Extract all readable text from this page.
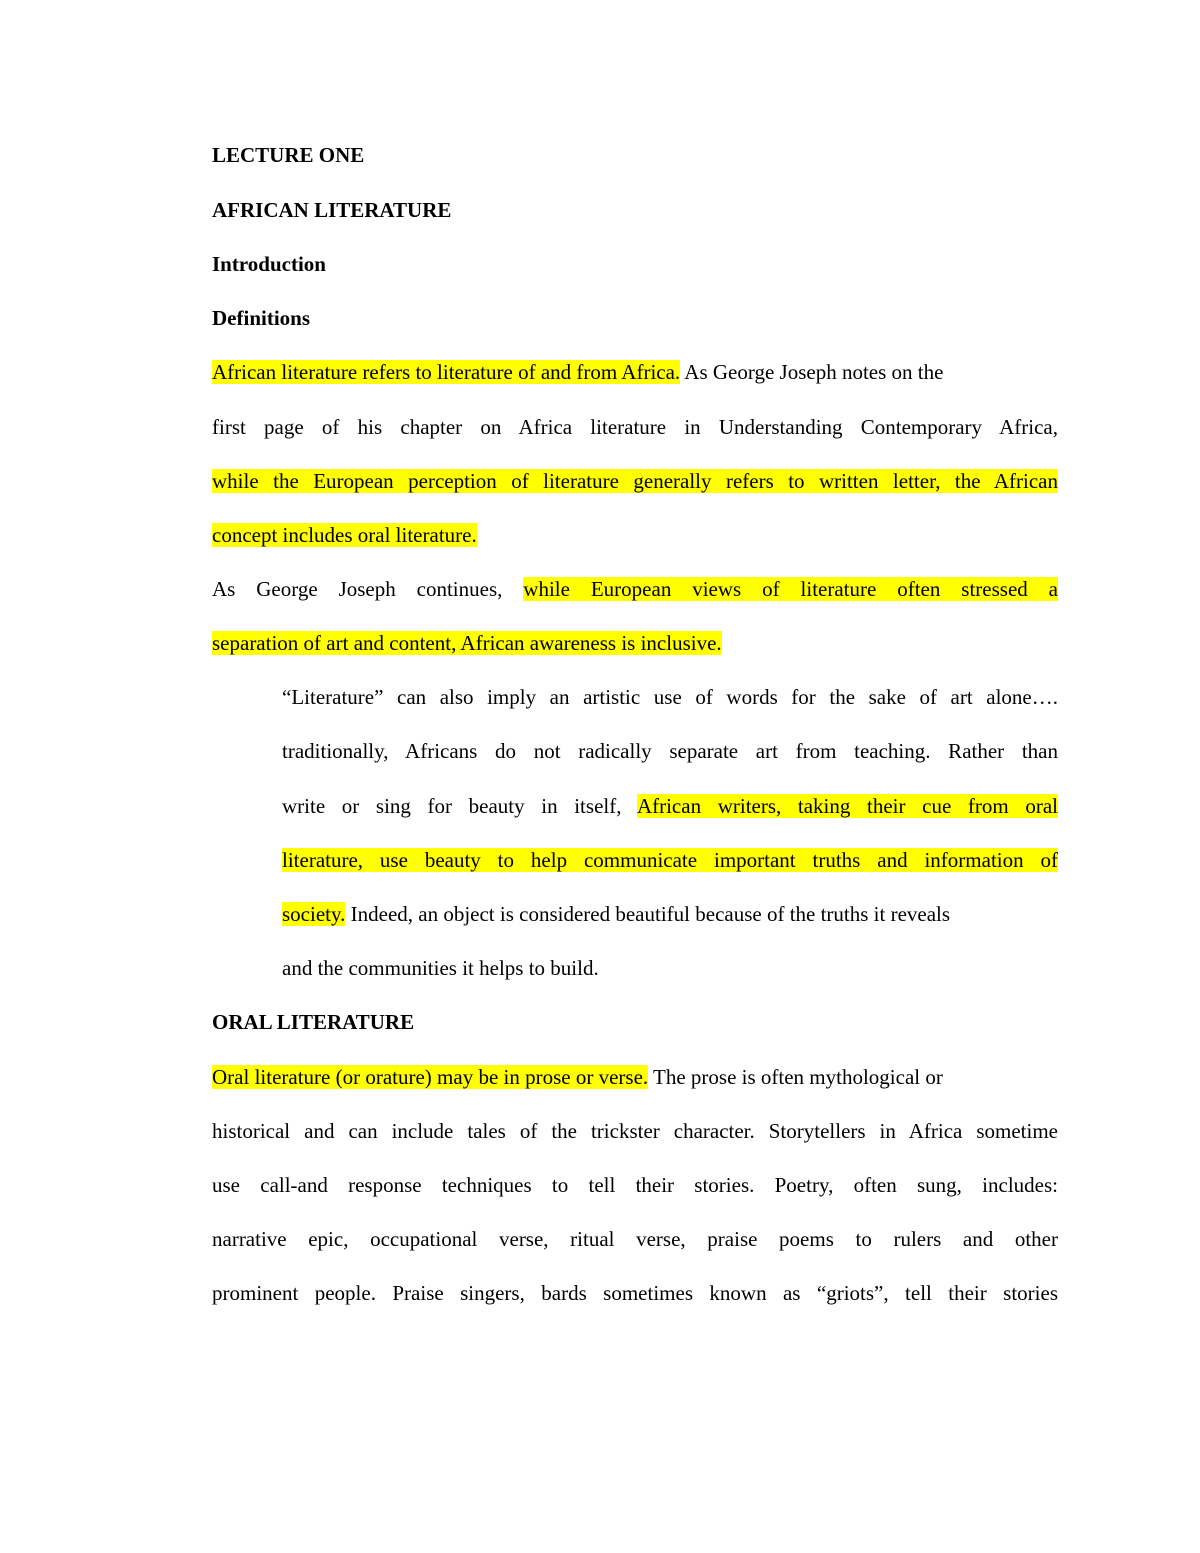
LECTURE ONE
AFRICAN LITERATURE
Introduction
Definitions
African literature refers to literature of and from Africa. As George Joseph notes on the
first page of his chapter on Africa literature in Understanding Contemporary Africa,
while the European perception of literature generally refers to written letter, the African
concept includes oral literature.
As George Joseph continues, while European views of literature often stressed a
separation of art and content, African awareness is inclusive.
“Literature” can also imply an artistic use of words for the sake of art alone….
traditionally, Africans do not radically separate art from teaching. Rather than
write or sing for beauty in itself, African writers, taking their cue from oral
literature, use beauty to help communicate important truths and information of
society. Indeed, an object is considered beautiful because of the truths it reveals
and the communities it helps to build.
ORAL LITERATURE
Oral literature (or orature) may be in prose or verse. The prose is often mythological or
historical and can include tales of the trickster character. Storytellers in Africa sometime
use call-and response techniques to tell their stories. Poetry, often sung, includes:
narrative epic, occupational verse, ritual verse, praise poems to rulers and other
prominent people. Praise singers, bards sometimes known as “griots”, tell their stories
